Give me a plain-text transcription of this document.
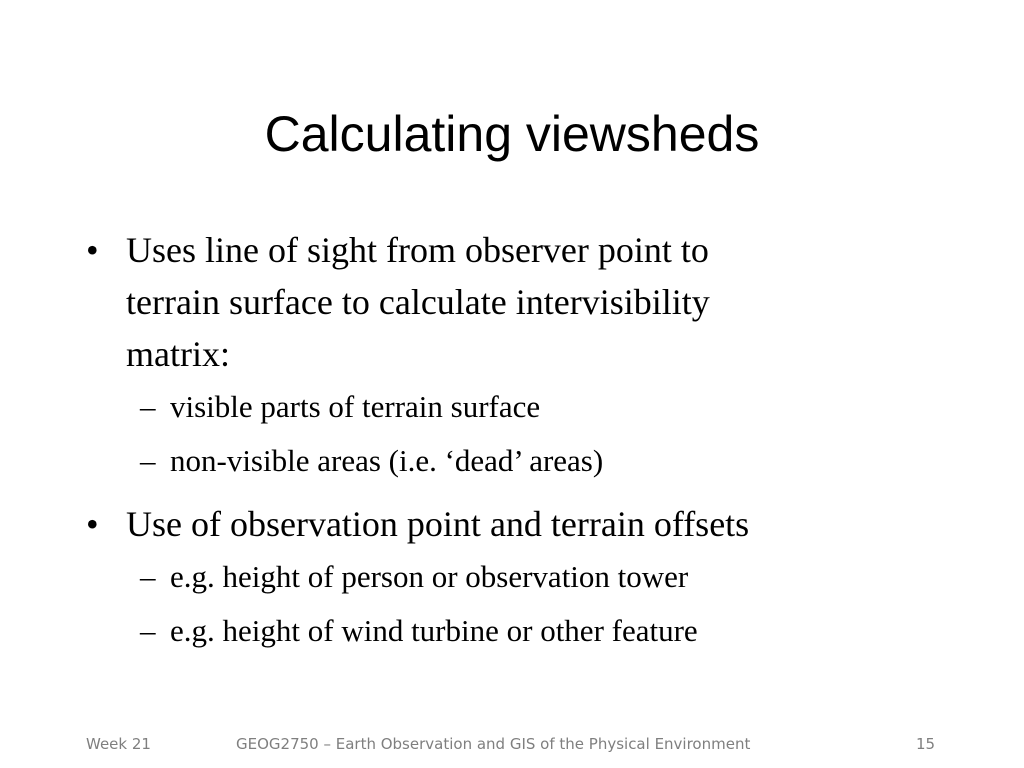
Calculating viewsheds
• Uses line of sight from observer point to
terrain surface to calculate intervisibility
matrix:
– visible parts of terrain surface
– non-visible areas (i.e. ‘dead’ areas)
• Use of observation point and terrain offsets
– e.g. height of person or observation tower
– e.g. height of wind turbine or other feature
Week 21	GEOG2750 – Earth Observation and GIS of the Physical Environment	15
